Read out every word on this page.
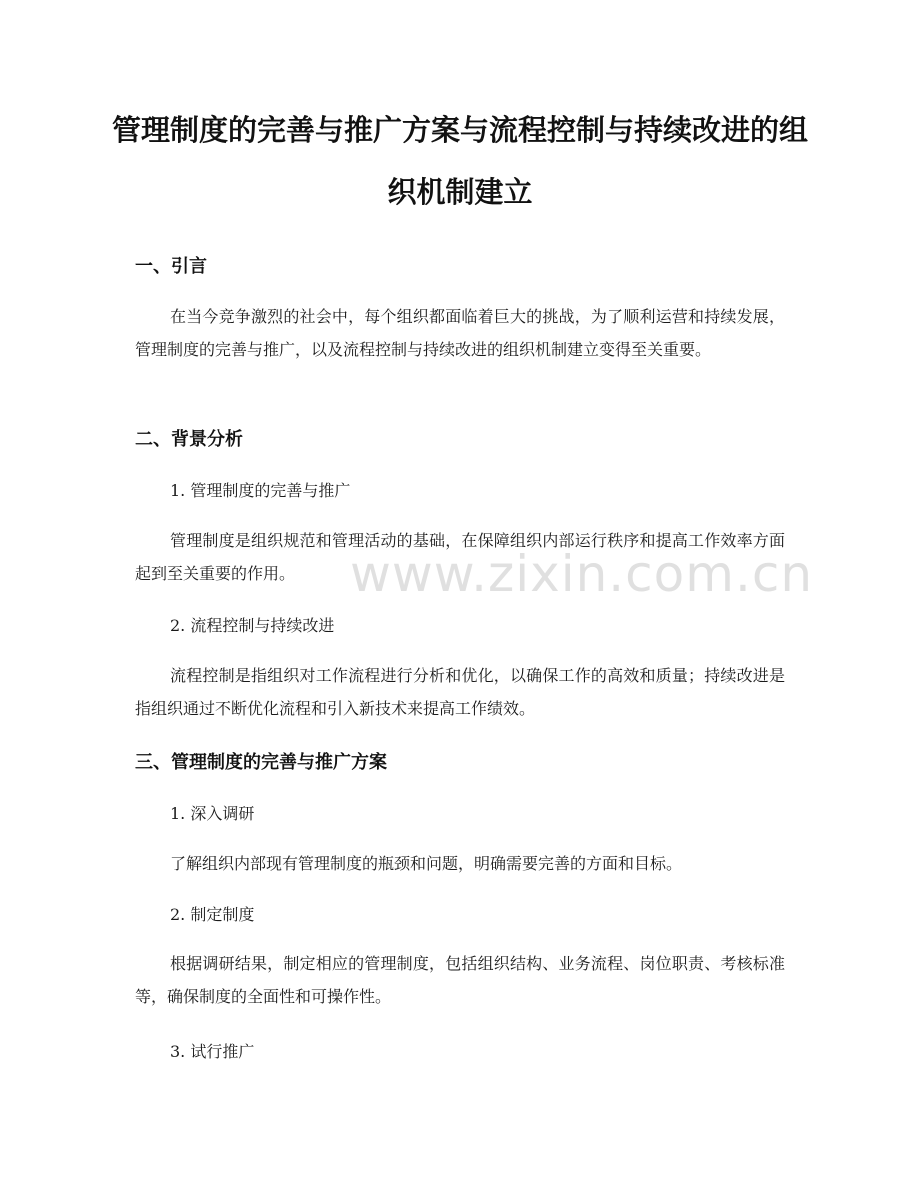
管理制度的完善与推广方案与流程控制与持续改进的组织机制建立
一、引言
在当今竞争激烈的社会中，每个组织都面临着巨大的挑战，为了顺利运营和持续发展，管理制度的完善与推广，以及流程控制与持续改进的组织机制建立变得至关重要。
二、背景分析
1. 管理制度的完善与推广
管理制度是组织规范和管理活动的基础，在保障组织内部运行秩序和提高工作效率方面起到至关重要的作用。
2. 流程控制与持续改进
流程控制是指组织对工作流程进行分析和优化，以确保工作的高效和质量；持续改进是指组织通过不断优化流程和引入新技术来提高工作绩效。
三、管理制度的完善与推广方案
1. 深入调研
了解组织内部现有管理制度的瓶颈和问题，明确需要完善的方面和目标。
2. 制定制度
根据调研结果，制定相应的管理制度，包括组织结构、业务流程、岗位职责、考核标准等，确保制度的全面性和可操作性。
3. 试行推广
www.zixin.com.cn
